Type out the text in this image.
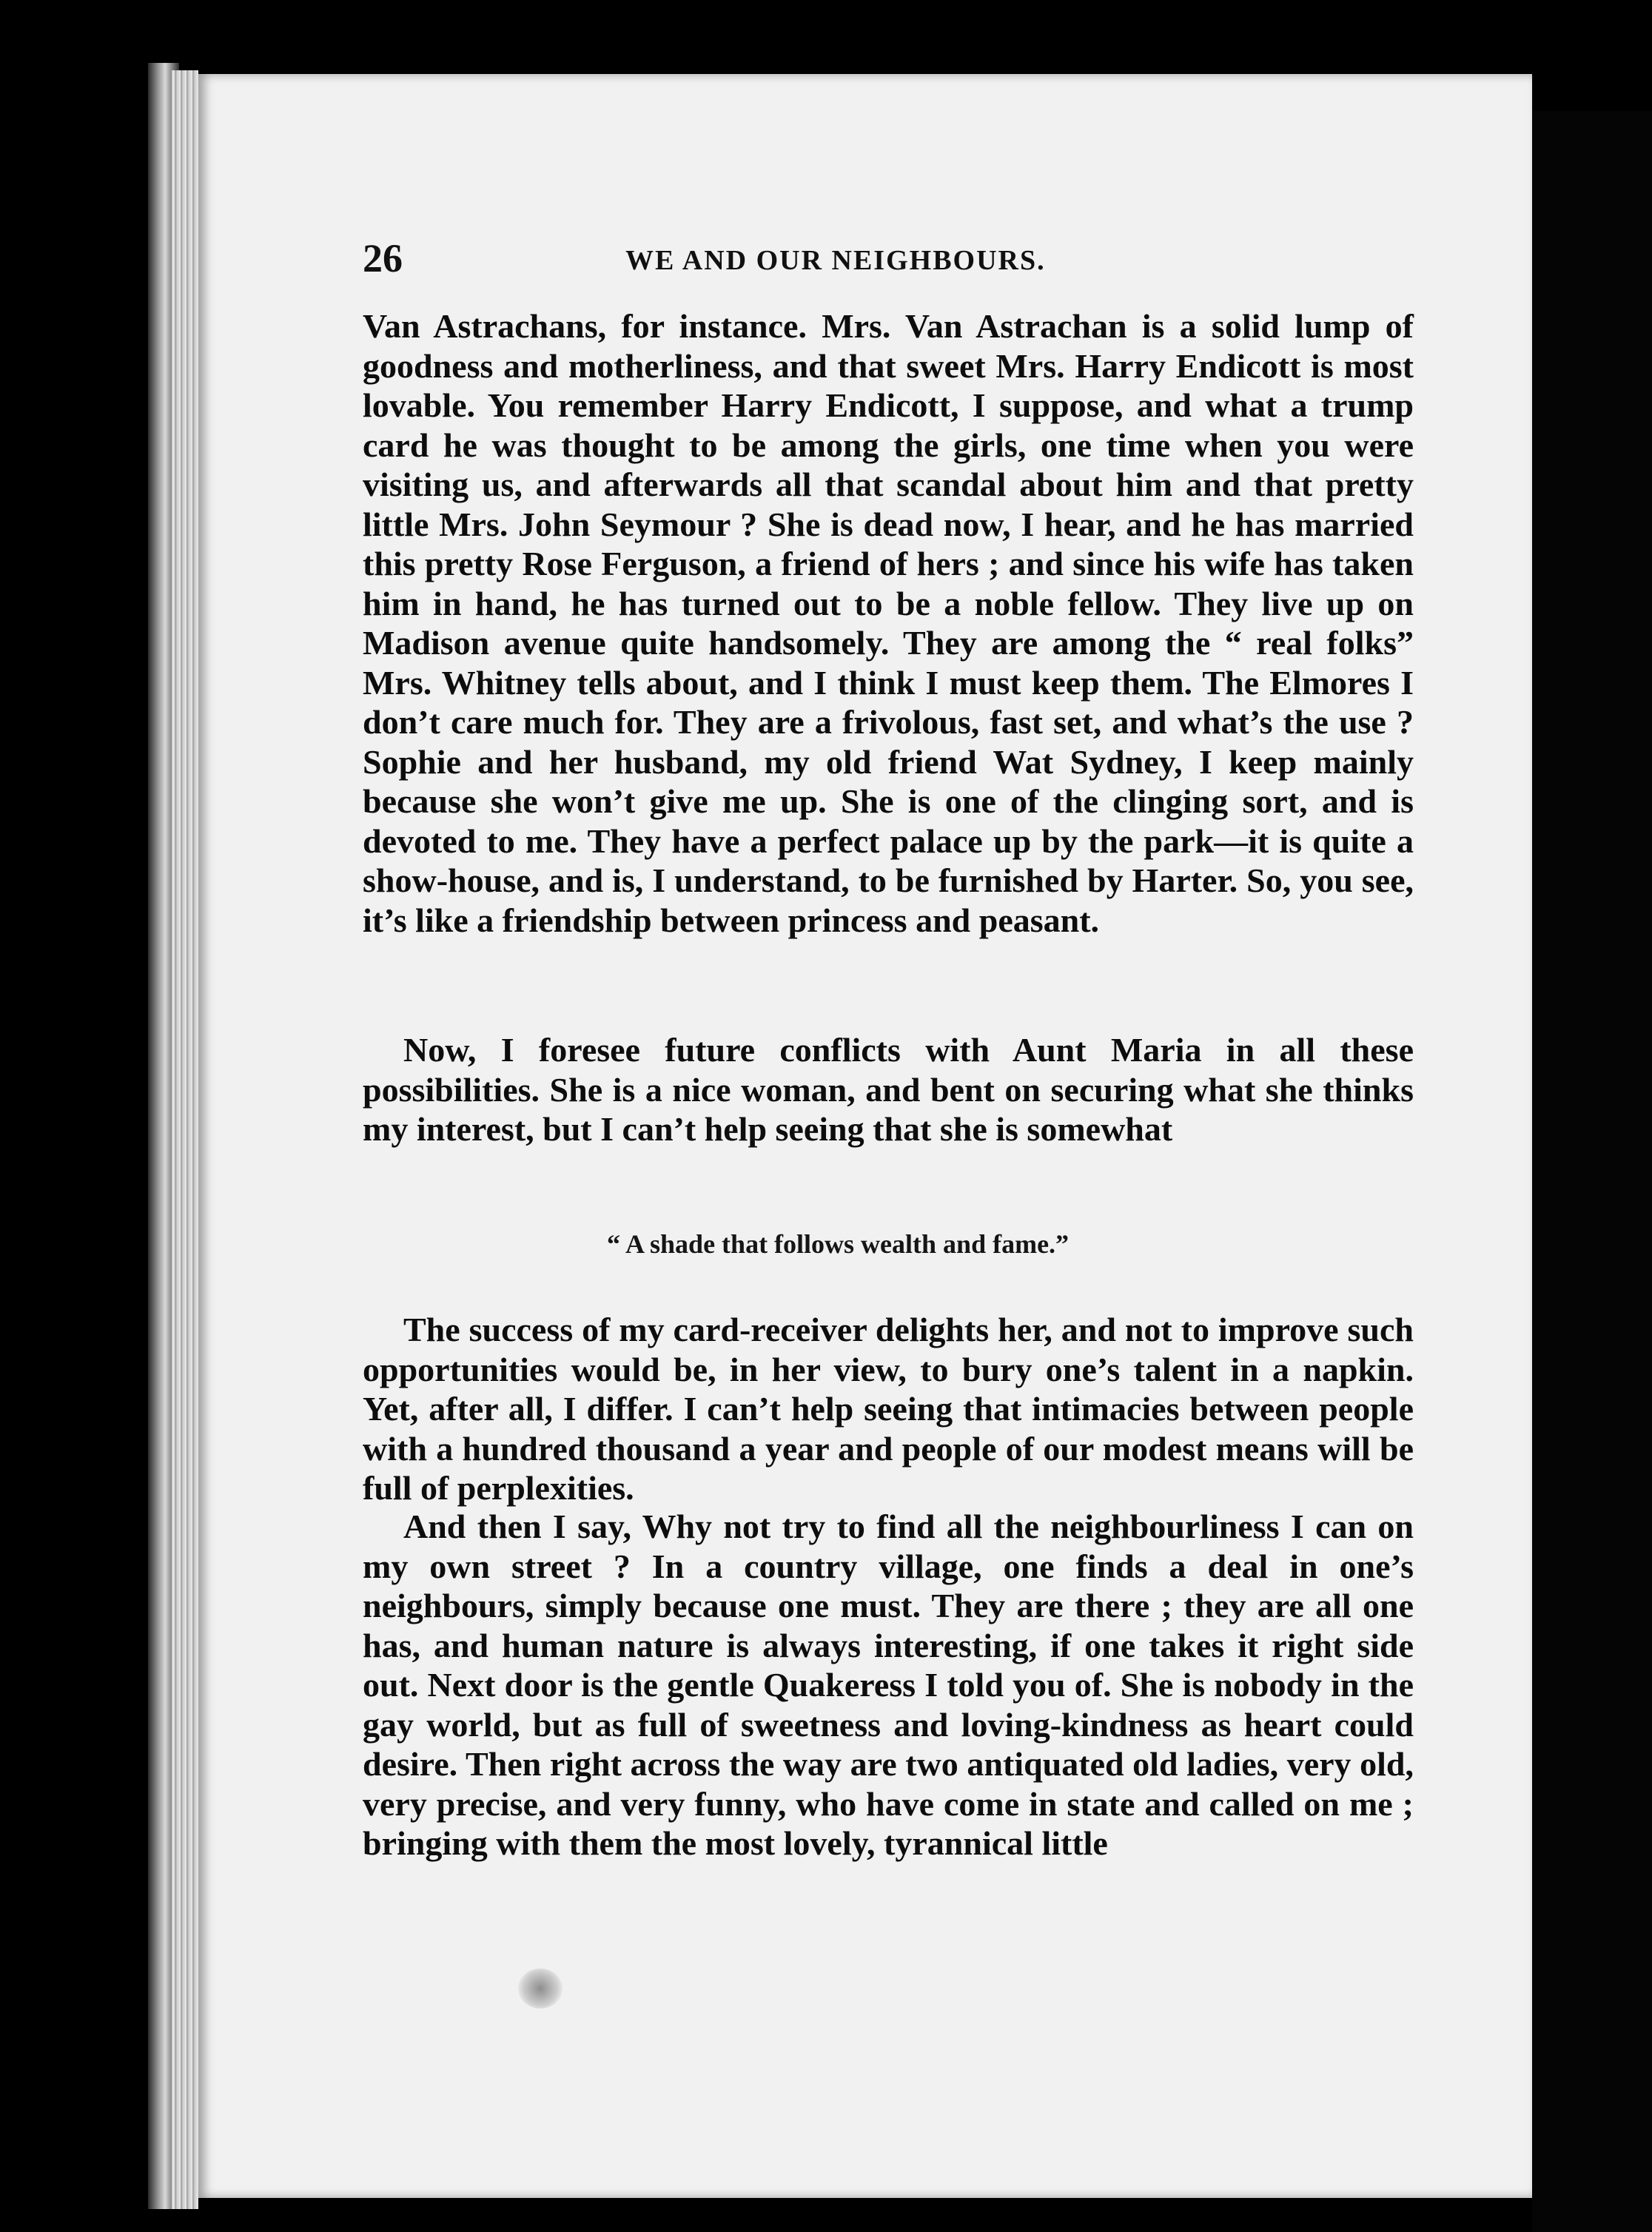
26	WE AND OUR NEIGHBOURS.

Van Astrachans, for instance. Mrs. Van Astrachan is a solid lump of goodness and motherliness, and that sweet Mrs. Harry Endicott is most lovable. You remember Harry Endicott, I suppose, and what a trump card he was thought to be among the girls, one time when you were visiting us, and afterwards all that scandal about him and that pretty little Mrs. John Seymour ? She is dead now, I hear, and he has married this pretty Rose Ferguson, a friend of hers ; and since his wife has taken him in hand, he has turned out to be a noble fellow. They live up on Madison avenue quite handsomely. They are among the “ real folks” Mrs. Whitney tells about, and I think I must keep them. The Elmores I don’t care much for. They are a frivolous, fast set, and what’s the use ? Sophie and her husband, my old friend Wat Sydney, I keep mainly because she won’t give me up. She is one of the clinging sort, and is devoted to me. They have a perfect palace up by the park—it is quite a show-house, and is, I understand, to be furnished by Harter. So, you see, it’s like a friendship between princess and peasant.

Now, I foresee future conflicts with Aunt Maria in all these possibilities. She is a nice woman, and bent on securing what she thinks my interest, but I can’t help seeing that she is somewhat

“ A shade that follows wealth and fame.”

The success of my card-receiver delights her, and not to improve such opportunities would be, in her view, to bury one’s talent in a napkin. Yet, after all, I differ. I can’t help seeing that intimacies between people with a hundred thousand a year and people of our modest means will be full of perplexities.

And then I say, Why not try to find all the neighbourliness I can on my own street ? In a country village, one finds a deal in one’s neighbours, simply because one must. They are there ; they are all one has, and human nature is always interesting, if one takes it right side out. Next door is the gentle Quakeress I told you of. She is nobody in the gay world, but as full of sweetness and loving-kindness as heart could desire. Then right across the way are two antiquated old ladies, very old, very precise, and very funny, who have come in state and called on me ; bringing with them the most lovely, tyrannical little
